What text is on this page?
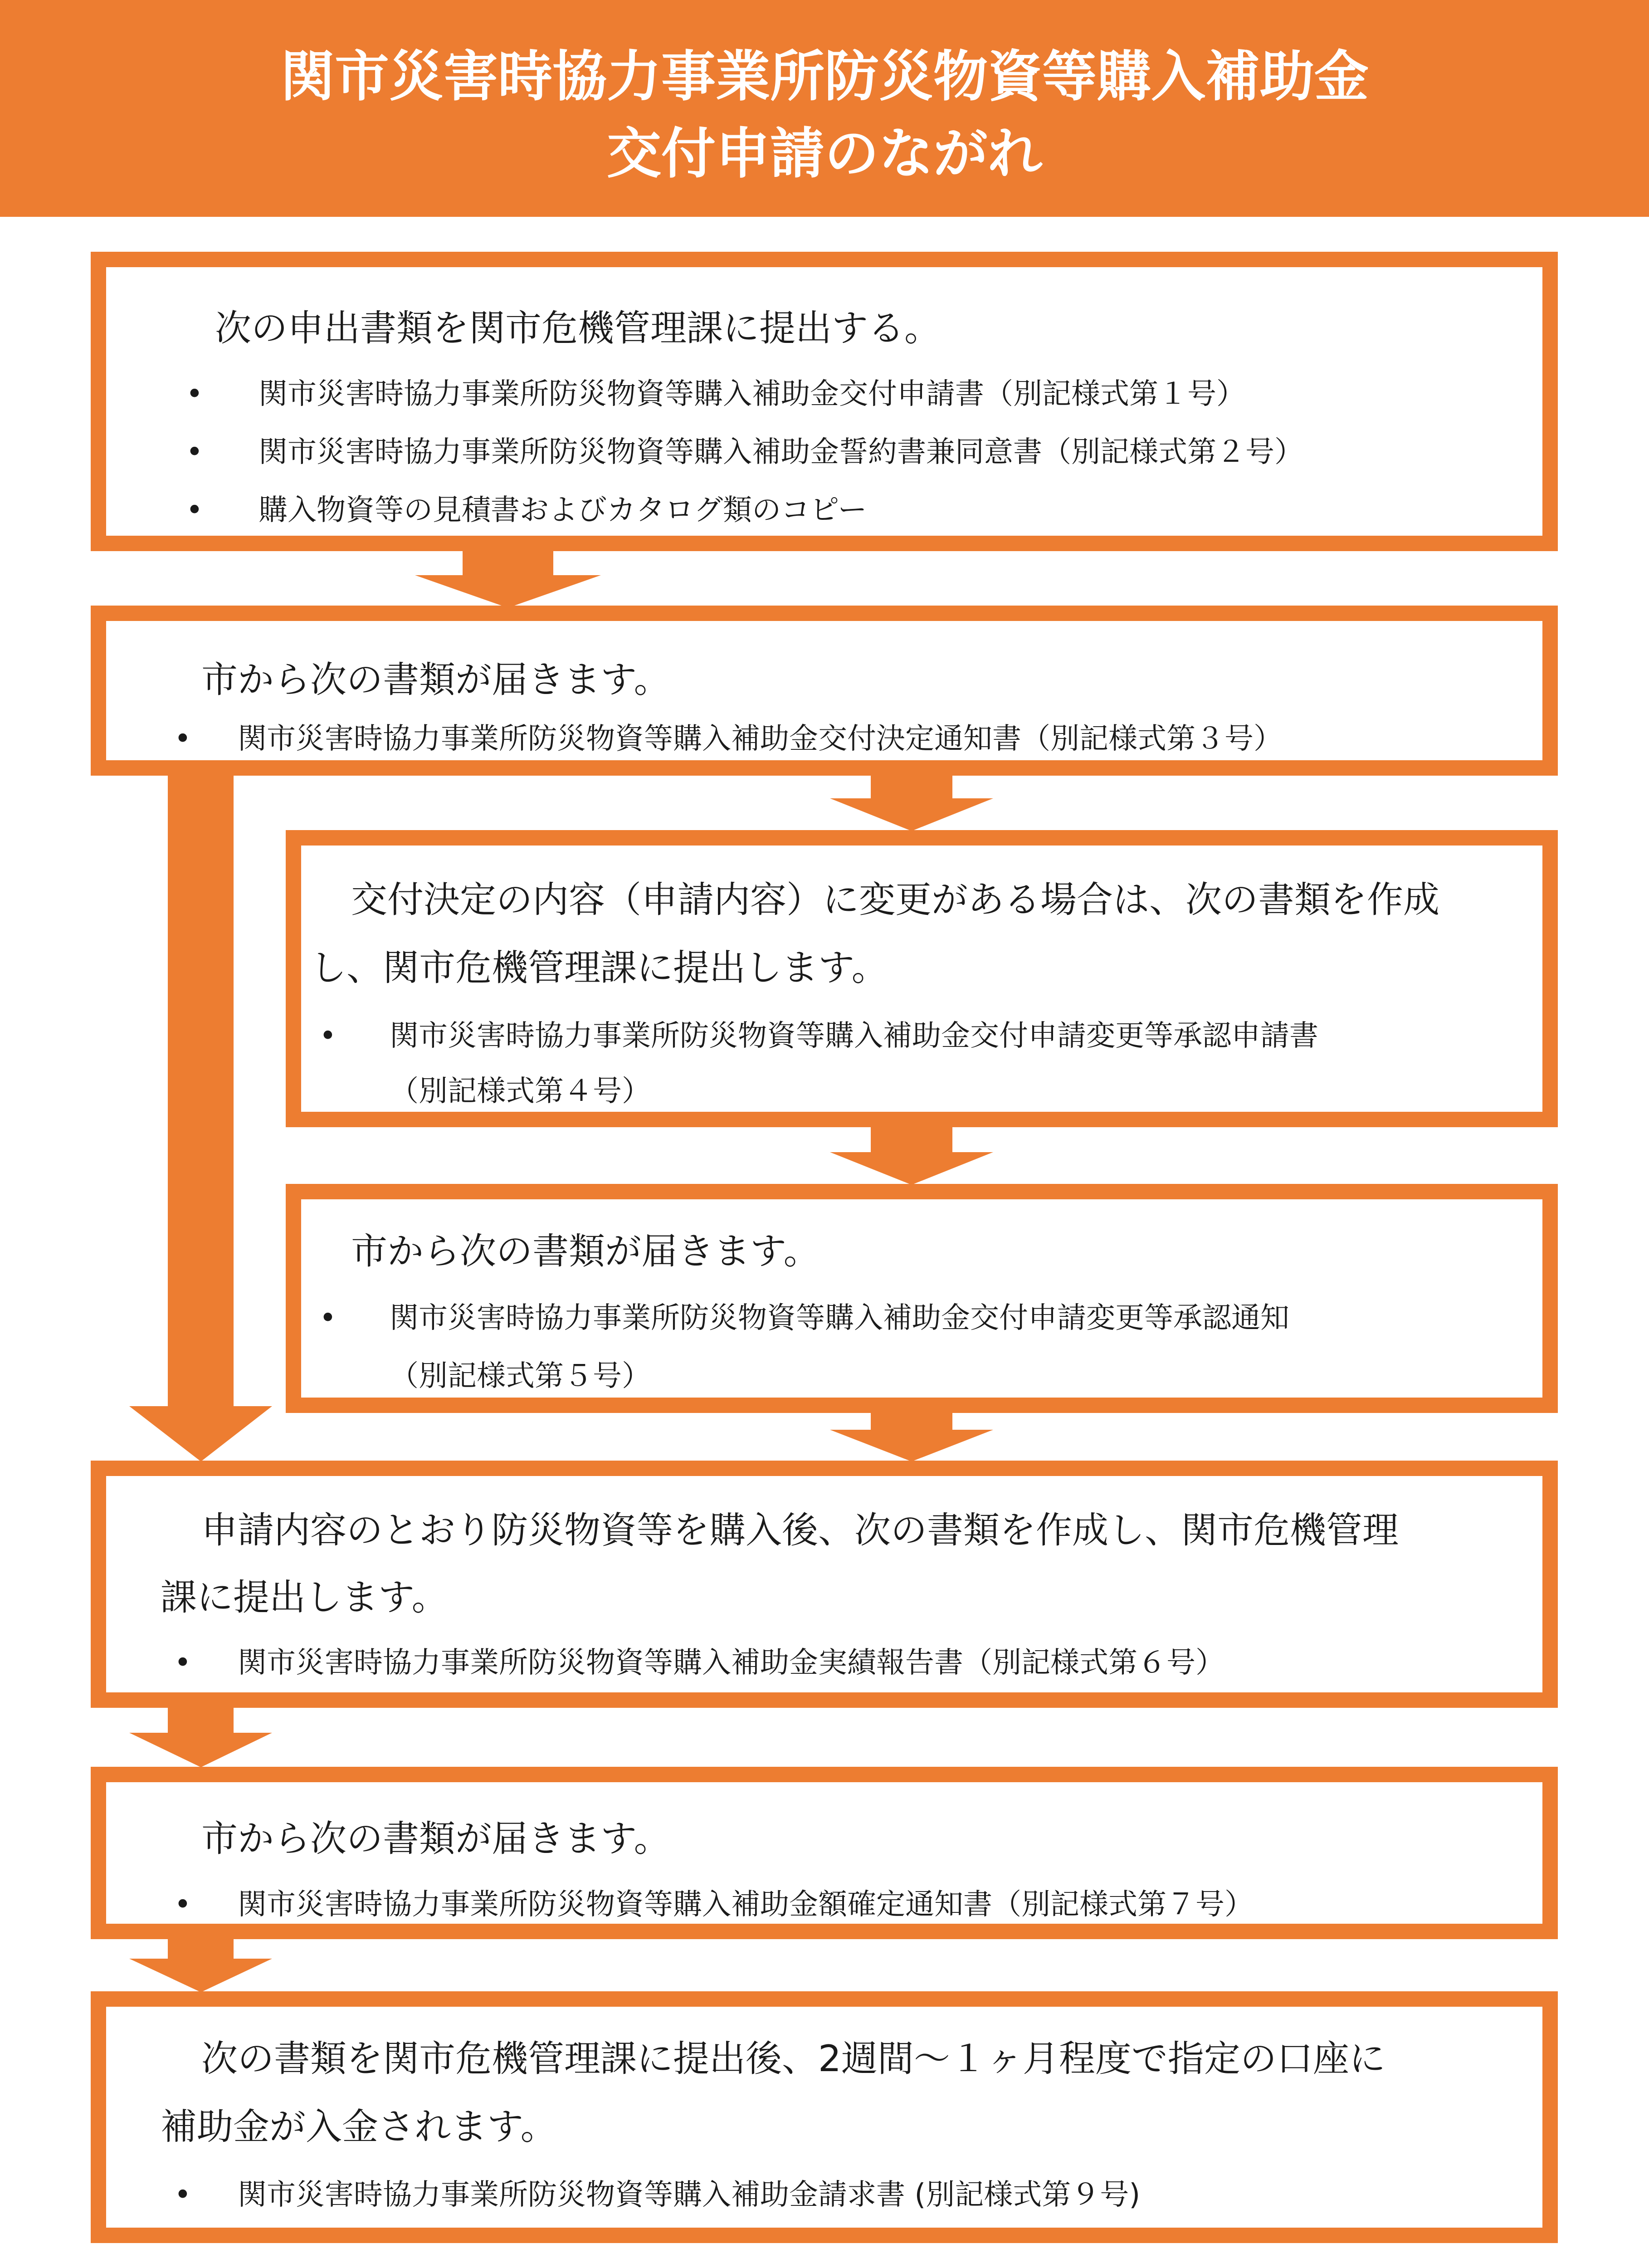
関市災害時協力事業所防災物資等購入補助金
交付申請のながれ
次の申出書類を関市危機管理課に提出する。
• 関市災害時協力事業所防災物資等購入補助金交付申請書（別記様式第１号）
• 関市災害時協力事業所防災物資等購入補助金誓約書兼同意書（別記様式第２号）
• 購入物資等の見積書およびカタログ類のコピー
市から次の書類が届きます。
• 関市災害時協力事業所防災物資等購入補助金交付決定通知書（別記様式第３号）
交付決定の内容（申請内容）に変更がある場合は、次の書類を作成
し、関市危機管理課に提出します。
• 関市災害時協力事業所防災物資等購入補助金交付申請変更等承認申請書
（別記様式第４号）
市から次の書類が届きます。
• 関市災害時協力事業所防災物資等購入補助金交付申請変更等承認通知
（別記様式第５号）
申請内容のとおり防災物資等を購入後、次の書類を作成し、関市危機管理
課に提出します。
• 関市災害時協力事業所防災物資等購入補助金実績報告書（別記様式第６号）
市から次の書類が届きます。
• 関市災害時協力事業所防災物資等購入補助金額確定通知書（別記様式第７号）
次の書類を関市危機管理課に提出後、2週間～１ヶ月程度で指定の口座に
補助金が入金されます。
• 関市災害時協力事業所防災物資等購入補助金請求書 (別記様式第９号)
